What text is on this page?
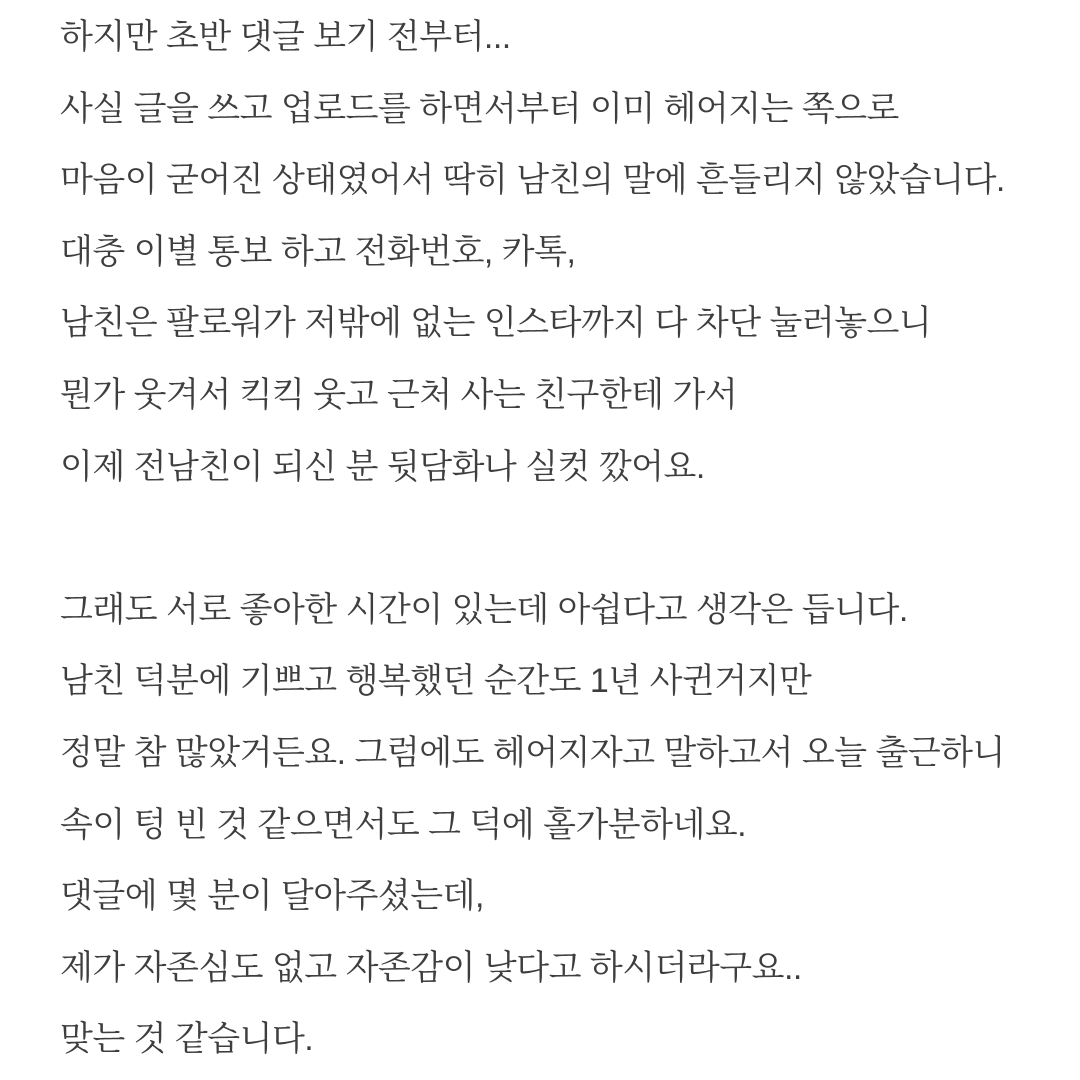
하지만 초반 댓글 보기 전부터...
사실 글을 쓰고 업로드를 하면서부터 이미 헤어지는 쪽으로
마음이 굳어진 상태였어서 딱히 남친의 말에 흔들리지 않았습니다.
대충 이별 통보 하고 전화번호, 카톡,
남친은 팔로워가 저밖에 없는 인스타까지 다 차단 눌러놓으니
뭔가 웃겨서 킥킥 웃고 근처 사는 친구한테 가서
이제 전남친이 되신 분 뒷담화나 실컷 깠어요.
그래도 서로 좋아한 시간이 있는데 아쉽다고 생각은 듭니다.
남친 덕분에 기쁘고 행복했던 순간도 1년 사귄거지만
정말 참 많았거든요. 그럼에도 헤어지자고 말하고서 오늘 출근하니
속이 텅 빈 것 같으면서도 그 덕에 홀가분하네요.
댓글에 몇 분이 달아주셨는데,
제가 자존심도 없고 자존감이 낮다고 하시더라구요..
맞는 것 같습니다.
